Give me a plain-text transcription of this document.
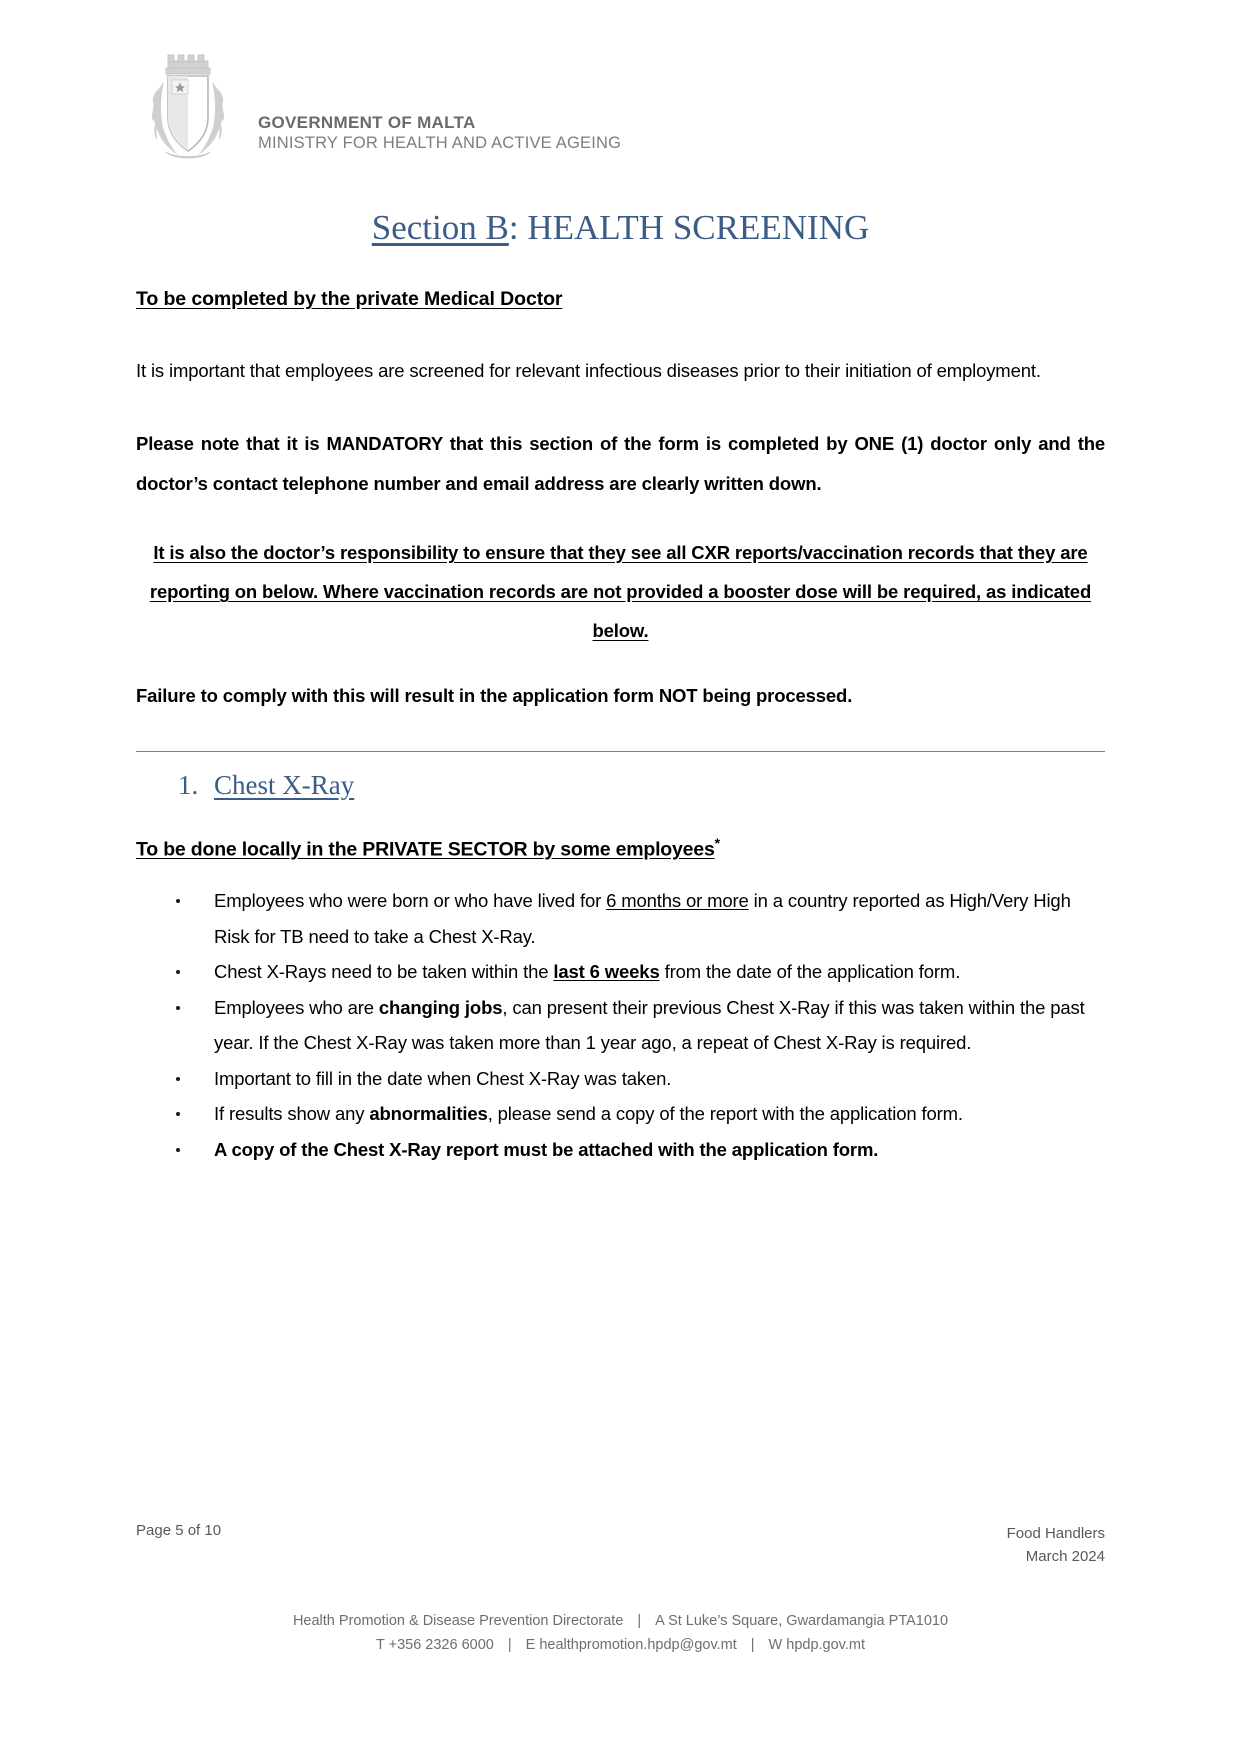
GOVERNMENT OF MALTA
MINISTRY FOR HEALTH AND ACTIVE AGEING
Section B: HEALTH SCREENING
To be completed by the private Medical Doctor

It is important that employees are screened for relevant infectious diseases prior to their initiation of employment.

Please note that it is MANDATORY that this section of the form is completed by ONE (1) doctor only and the doctor’s contact telephone number and email address are clearly written down.

It is also the doctor’s responsibility to ensure that they see all CXR reports/vaccination records that they are reporting on below. Where vaccination records are not provided a booster dose will be required, as indicated below.

Failure to comply with this will result in the application form NOT being processed.

1. Chest X-Ray
To be done locally in the PRIVATE SECTOR by some employees*
Employees who were born or who have lived for 6 months or more in a country reported as High/Very High Risk for TB need to take a Chest X-Ray.
Chest X-Rays need to be taken within the last 6 weeks from the date of the application form.
Employees who are changing jobs, can present their previous Chest X-Ray if this was taken within the past year. If the Chest X-Ray was taken more than 1 year ago, a repeat of Chest X-Ray is required.
Important to fill in the date when Chest X-Ray was taken.
If results show any abnormalities, please send a copy of the report with the application form.
A copy of the Chest X-Ray report must be attached with the application form.
Page 5 of 10	Food Handlers
March 2024
Health Promotion & Disease Prevention Directorate | A St Luke’s Square, Gwardamangia PTA1010
T +356 2326 6000 | E healthpromotion.hpdp@gov.mt | W hpdp.gov.mt
